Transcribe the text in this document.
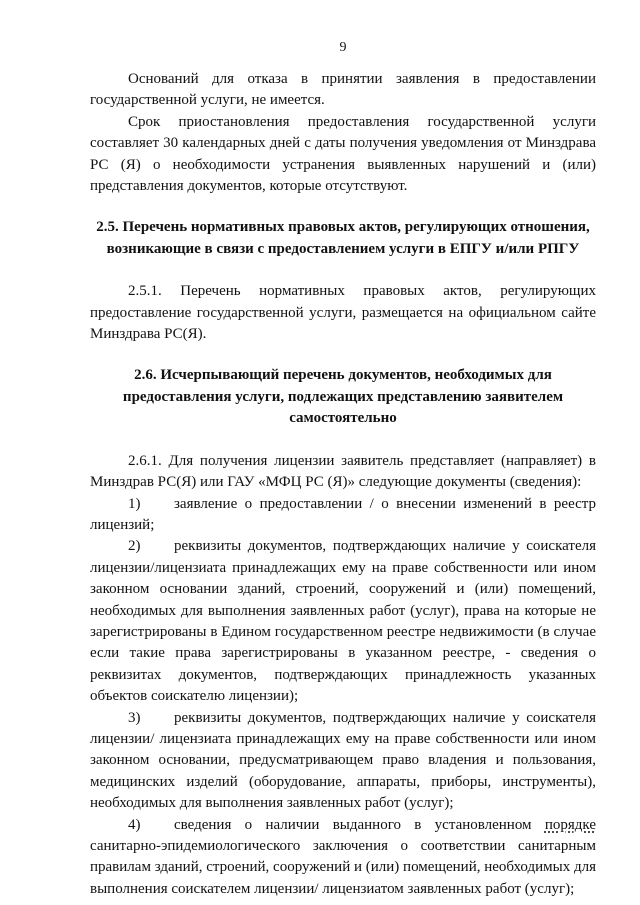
9

Оснований для отказа в принятии заявления в предоставлении государственной услуги, не имеется.

Срок приостановления предоставления государственной услуги составляет 30 календарных дней с даты получения уведомления от Минздрава РС (Я) о необходимости устранения выявленных нарушений и (или) представления документов, которые отсутствуют.

2.5. Перечень нормативных правовых актов, регулирующих отношения, возникающие в связи с предоставлением услуги в ЕПГУ и/или РПГУ

2.5.1. Перечень нормативных правовых актов, регулирующих предоставление государственной услуги, размещается на официальном сайте Минздрава РС(Я).

2.6. Исчерпывающий перечень документов, необходимых для предоставления услуги, подлежащих представлению заявителем самостоятельно

2.6.1. Для получения лицензии заявитель представляет (направляет) в Минздрав РС(Я) или ГАУ «МФЦ РС (Я)» следующие документы (сведения):

1) заявление о предоставлении / о внесении изменений в реестр лицензий;

2) реквизиты документов, подтверждающих наличие у соискателя лицензии/лицензиата принадлежащих ему на праве собственности или ином законном основании зданий, строений, сооружений и (или) помещений, необходимых для выполнения заявленных работ (услуг), права на которые не зарегистрированы в Едином государственном реестре недвижимости (в случае если такие права зарегистрированы в указанном реестре, - сведения о реквизитах документов, подтверждающих принадлежность указанных объектов соискателю лицензии);

3) реквизиты документов, подтверждающих наличие у соискателя лицензии/ лицензиата принадлежащих ему на праве собственности или ином законном основании, предусматривающем право владения и пользования, медицинских изделий (оборудование, аппараты, приборы, инструменты), необходимых для выполнения заявленных работ (услуг);

4) сведения о наличии выданного в установленном порядке санитарно-эпидемиологического заключения о соответствии санитарным правилам зданий, строений, сооружений и (или) помещений, необходимых для выполнения соискателем лицензии/ лицензиатом заявленных работ (услуг);
